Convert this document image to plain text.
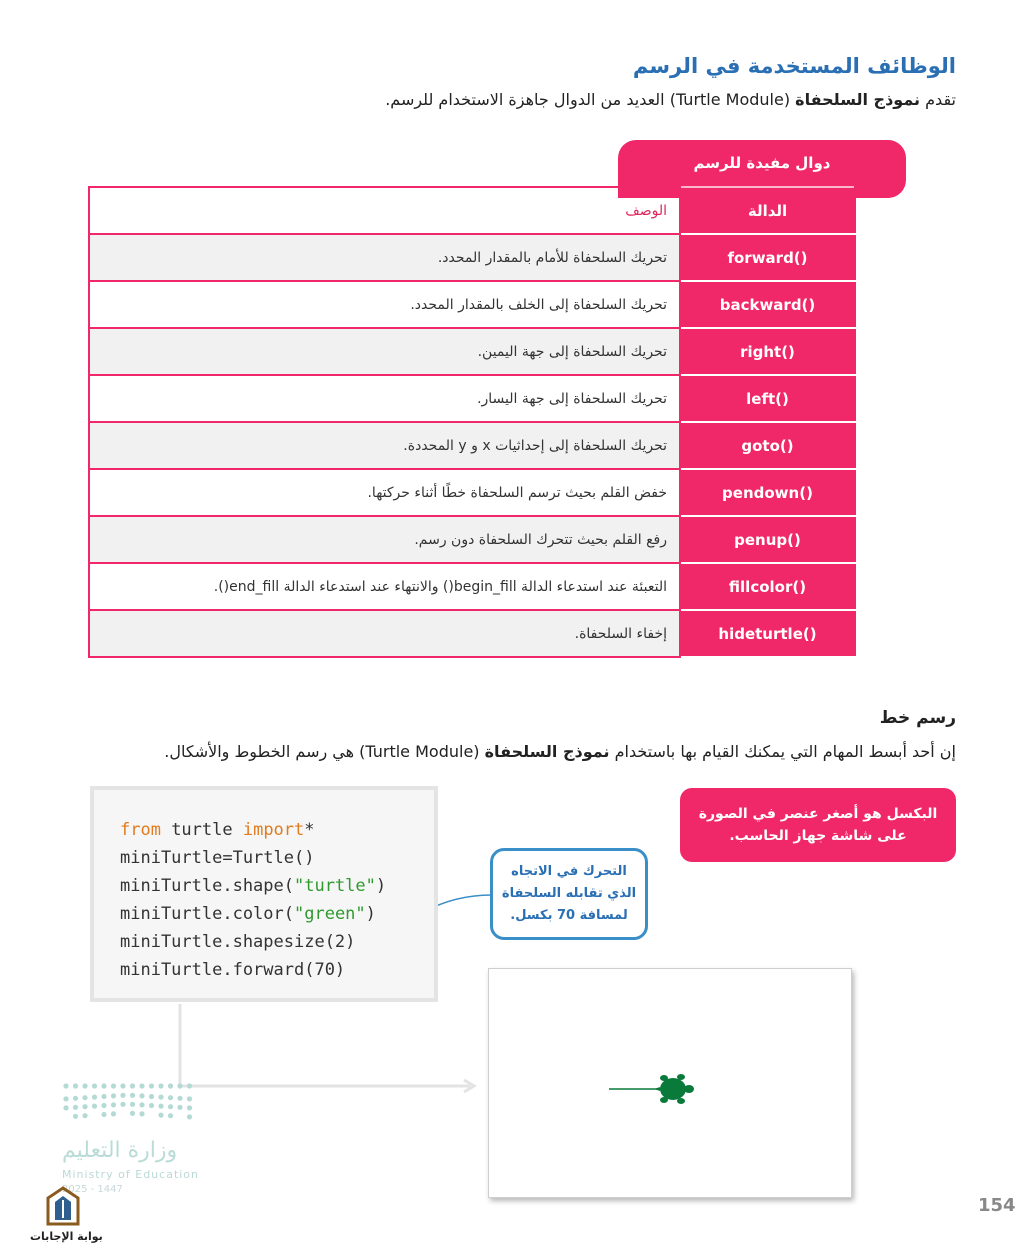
الوظائف المستخدمة في الرسم
تقدم نموذج السلحفاة (Turtle Module) العديد من الدوال جاهزة الاستخدام للرسم.
دوال مفيدة للرسم
الوصف	الدالة
تحريك السلحفاة للأمام بالمقدار المحدد.	forward()
تحريك السلحفاة إلى الخلف بالمقدار المحدد.	backward()
تحريك السلحفاة إلى جهة اليمين.	right()
تحريك السلحفاة إلى جهة اليسار.	left()
تحريك السلحفاة إلى إحداثيات x و y المحددة.	goto()
خفض القلم بحيث ترسم السلحفاة خطًا أثناء حركتها.	pendown()
رفع القلم بحيث تتحرك السلحفاة دون رسم.	penup()
التعبئة عند استدعاء الدالة begin_fill() والانتهاء عند استدعاء الدالة end_fill().	fillcolor()
إخفاء السلحفاة.	hideturtle()
رسم خط
إن أحد أبسط المهام التي يمكنك القيام بها باستخدام نموذج السلحفاة (Turtle Module) هي رسم الخطوط والأشكال.
from turtle import*
miniTurtle=Turtle()
miniTurtle.shape("turtle")
miniTurtle.color("green")
miniTurtle.shapesize(2)
miniTurtle.forward(70)
البكسل هو أصغر عنصر في الصورة
على شاشة جهاز الحاسب.
التحرك في الاتجاه
الذي تقابله السلحفاة
لمسافة 70 بكسل.
وزارة التعليم
Ministry of Education
2025 - 1447
بوابة الإجابات
154
